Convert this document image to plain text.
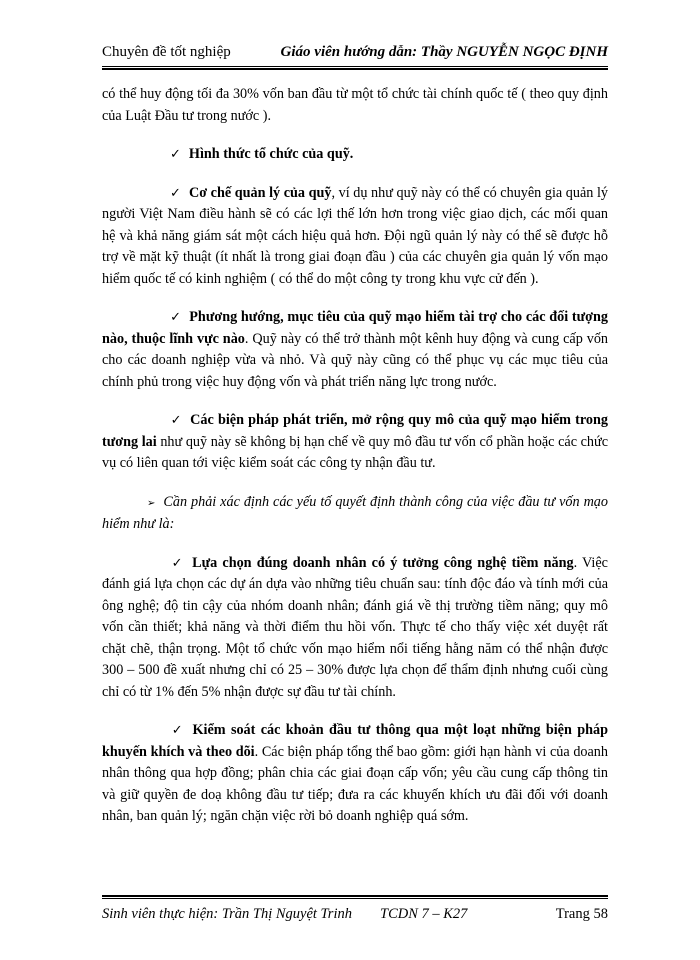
Chuyên đề tốt nghiệp	Giáo viên hướng dẫn: Thầy NGUYỄN NGỌC ĐỊNH

có thể huy động tối đa 30% vốn ban đầu từ một tổ chức tài chính quốc tế ( theo quy định của Luật Đầu tư trong nước ).

✓ Hình thức tổ chức của quỹ.

✓ Cơ chế quản lý của quỹ, ví dụ như quỹ này có thể có chuyên gia quản lý người Việt Nam điều hành sẽ có các lợi thế lớn hơn trong việc giao dịch, các mối quan hệ và khả năng giám sát một cách hiệu quả hơn. Đội ngũ quản lý này có thể sẽ được hỗ trợ về mặt kỹ thuật (ít nhất là trong giai đoạn đầu ) của các chuyên gia quản lý vốn mạo hiểm quốc tế có kinh nghiệm ( có thể do một công ty trong khu vực cử đến ).

✓ Phương hướng, mục tiêu của quỹ mạo hiểm tài trợ cho các đối tượng nào, thuộc lĩnh vực nào. Quỹ này có thể trở thành một kênh huy động và cung cấp vốn cho các doanh nghiệp vừa và nhỏ. Và quỹ này cũng có thể phục vụ các mục tiêu của chính phủ trong việc huy động vốn và phát triển năng lực trong nước.

✓ Các biện pháp phát triển, mở rộng quy mô của quỹ mạo hiểm trong tương lai như quỹ này sẽ không bị hạn chế về quy mô đầu tư vốn cổ phần hoặc các chức vụ có liên quan tới việc kiểm soát các công ty nhận đầu tư.

➢ Cần phải xác định các yếu tố quyết định thành công của việc đầu tư vốn mạo hiểm như là:

✓ Lựa chọn đúng doanh nhân có ý tưởng công nghệ tiềm năng. Việc đánh giá lựa chọn các dự án dựa vào những tiêu chuẩn sau: tính độc đáo và tính mới của ông nghệ; độ tin cậy của nhóm doanh nhân; đánh giá về thị trường tiềm năng; quy mô vốn cần thiết; khả năng và thời điểm thu hồi vốn. Thực tế cho thấy việc xét duyệt rất chặt chẽ, thận trọng. Một tổ chức vốn mạo hiểm nổi tiếng hằng năm có thể nhận được 300 – 500 đề xuất nhưng chỉ có 25 – 30% được lựa chọn để thẩm định nhưng cuối cùng chỉ có từ 1% đến 5% nhận được sự đầu tư tài chính.

✓ Kiểm soát các khoản đầu tư thông qua một loạt những biện pháp khuyến khích và theo dõi. Các biện pháp tổng thể bao gồm: giới hạn hành vi của doanh nhân thông qua hợp đồng; phân chia các giai đoạn cấp vốn; yêu cầu cung cấp thông tin và giữ quyền đe doạ không đầu tư tiếp; đưa ra các khuyến khích ưu đãi đối với doanh nhân, ban quản lý; ngăn chặn việc rời bỏ doanh nghiệp quá sớm.

Sinh viên thực hiện: Trần Thị Nguyệt Trinh TCDN 7 – K27	Trang 58
